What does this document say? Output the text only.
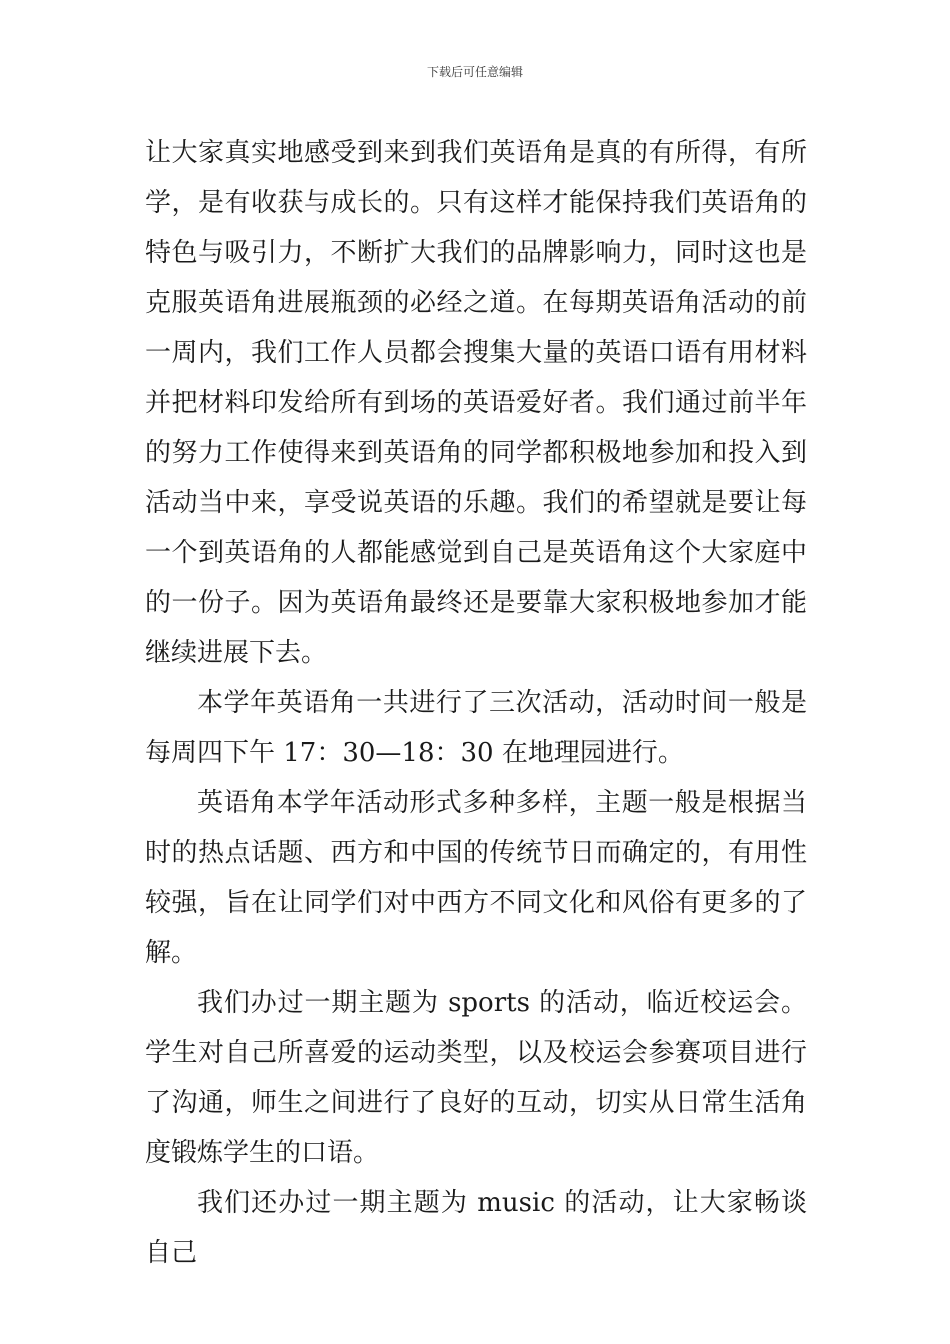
下载后可任意编辑

让大家真实地感受到来到我们英语角是真的有所得，有所学，是有收获与成长的。只有这样才能保持我们英语角的特色与吸引力，不断扩大我们的品牌影响力，同时这也是克服英语角进展瓶颈的必经之道。在每期英语角活动的前一周内，我们工作人员都会搜集大量的英语口语有用材料并把材料印发给所有到场的英语爱好者。我们通过前半年的努力工作使得来到英语角的同学都积极地参加和投入到活动当中来，享受说英语的乐趣。我们的希望就是要让每一个到英语角的人都能感觉到自己是英语角这个大家庭中的一份子。因为英语角最终还是要靠大家积极地参加才能继续进展下去。

本学年英语角一共进行了三次活动，活动时间一般是每周四下午 17：30—18：30 在地理园进行。

英语角本学年活动形式多种多样，主题一般是根据当时的热点话题、西方和中国的传统节日而确定的，有用性较强，旨在让同学们对中西方不同文化和风俗有更多的了解。

我们办过一期主题为 sports 的活动，临近校运会。学生对自己所喜爱的运动类型，以及校运会参赛项目进行了沟通，师生之间进行了良好的互动，切实从日常生活角度锻炼学生的口语。

我们还办过一期主题为 music 的活动，让大家畅谈自己
